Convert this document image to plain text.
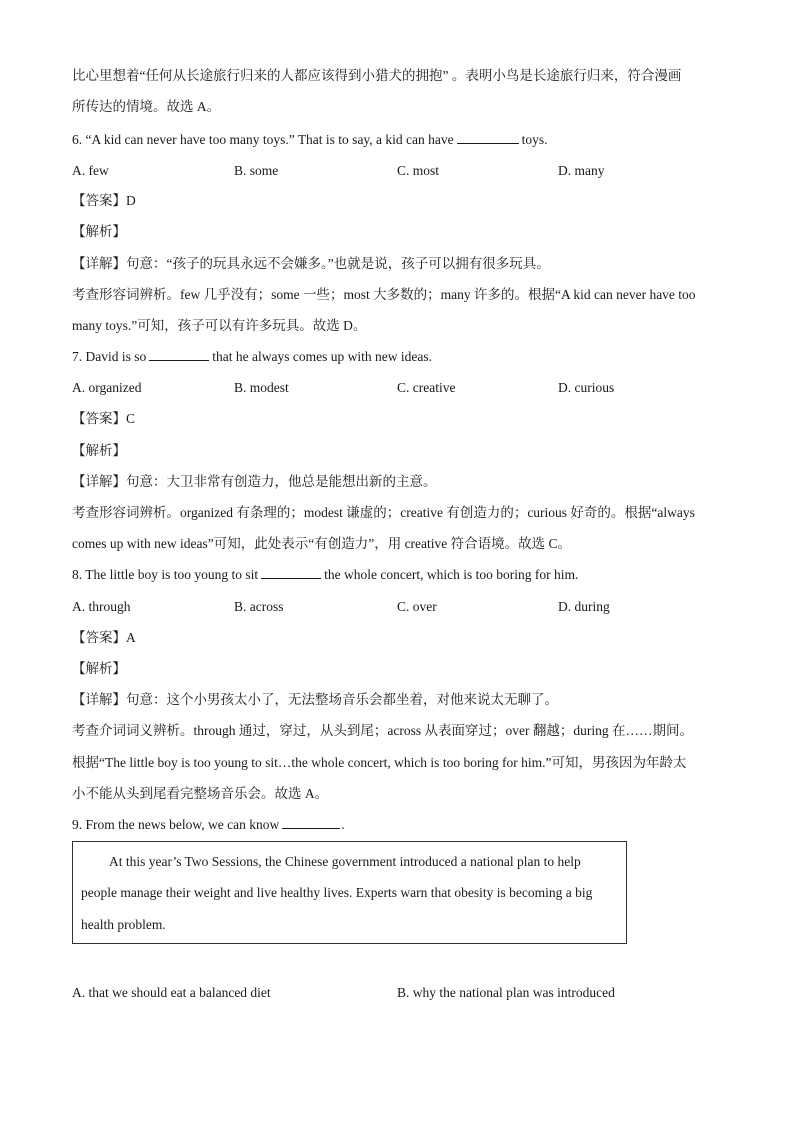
比心里想着“任何从长途旅行归来的人都应该得到小猎犬的拥抱” 。表明小鸟是长途旅行归来，符合漫画
所传达的情境。故选 A。
6. “A kid can never have too many toys.” That is to say, a kid can have	toys.
A. few	B. some	C. most	D. many
【答案】D
【解析】
【详解】句意：“孩子的玩具永远不会嫌多。”也就是说，孩子可以拥有很多玩具。
考查形容词辨析。few 几乎没有；some 一些；most 大多数的；many 许多的。根据“A kid can never have too
many toys.”可知，孩子可以有许多玩具。故选 D。
7. David is so	that he always comes up with new ideas.
A. organized	B. modest	C. creative	D. curious
【答案】C
【解析】
【详解】句意：大卫非常有创造力，他总是能想出新的主意。
考查形容词辨析。organized 有条理的；modest 谦虚的；creative 有创造力的；curious 好奇的。根据“always
comes up with new ideas”可知，此处表示“有创造力”，用 creative 符合语境。故选 C。
8. The little boy is too young to sit	the whole concert, which is too boring for him.
A. through	B. across	C. over	D. during
【答案】A
【解析】
【详解】句意：这个小男孩太小了，无法整场音乐会都坐着，对他来说太无聊了。
考查介词词义辨析。through 通过，穿过，从头到尾；across 从表面穿过；over 翻越；during 在……期间。
根据“The little boy is too young to sit…the whole concert, which is too boring for him.”可知，男孩因为年龄太
小不能从头到尾看完整场音乐会。故选 A。
9. From the news below, we can know	.
At this year’s Two Sessions, the Chinese government introduced a national plan to help
people manage their weight and live healthy lives. Experts warn that obesity is becoming a big
health problem.
A. that we should eat a balanced diet	B. why the national plan was introduced
